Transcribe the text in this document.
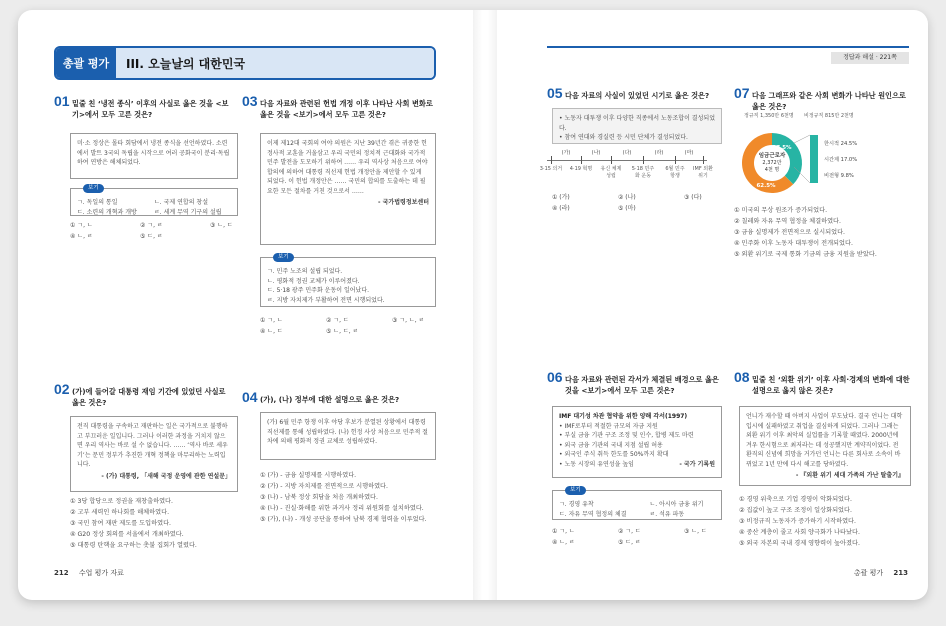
총괄 평가	III. 오늘날의 대한민국
01 밑줄 친 ‘냉전 종식’ 이후의 사실로 옳은 것을 <보기>에서 모두 고른 것은?
미·소 정상은 몰타 회담에서 냉전 종식을 선언하였다. 소련에서 발트 3국의 독립을 시작으로 여러 공화국이 분리·독립하여 연방은 해체되었다.
보기
ㄱ. 독일의 통일	ㄴ. 국제 연합의 창설
ㄷ. 소련의 개혁과 개방	ㄹ. 세계 무역 기구의 설립
① ㄱ, ㄴ	② ㄱ, ㄹ	③ ㄴ, ㄷ
④ ㄴ, ㄹ	⑤ ㄷ, ㄹ
03 다음 자료와 관련된 헌법 개정 이후 나타난 사회 변화로 옳은 것을 <보기>에서 모두 고른 것은?
이제 제12대 국회의 여야 의원은 지난 39년간 겪은 귀중한 헌정사적 교훈을 거울삼고 우리 국민의 정치적 근대화와 국가적 민주 발전을 도모하기 위하여 …… 우리 역사상 처음으로 여야 합의에 의하여 대통령 직선제 헌법 개정안을 제안할 수 있게 되었다. 이 헌법 개정안은 …… 국민의 합의를 도출하는 데 필요한 모든 절차를 거친 것으로서 ……
- 국가법령정보센터
보기
ㄱ. 민주 노조의 설립 되었다.
ㄴ. 평화적 정권 교체가 이루어졌다.
ㄷ. 5·18 광주 민주화 운동이 일어났다.
ㄹ. 지방 자치제가 부활하여 전면 시행되었다.
① ㄱ, ㄴ	② ㄱ, ㄷ	③ ㄱ, ㄴ, ㄹ
④ ㄴ, ㄷ	⑤ ㄴ, ㄷ, ㄹ
02 (가)에 들어갈 대통령 재임 기간에 있었던 사실로 옳은 것은?
전직 대통령을 구속하고 재판하는 일은 국가적으로 불행하고 부끄러운 일입니다. 그러나 이러한 과정을 거치지 않으면 우리 역사는 바로 설 수 없습니다. …… ‘역사 바로 세우기’는 문민 정부가 추진한 개혁 정책을 마무리하는 노력입니다.
- (가) 대통령, 「새해 국정 운영에 관한 연설문」
① 3당 합당으로 정권을 재창출하였다.
② 고부 세력인 하나회를 해체하였다.
③ 국민 참여 재판 제도를 도입하였다.
④ G20 정상 회의를 서울에서 개최하였다.
⑤ 대통령 탄핵을 요구하는 촛불 집회가 열렸다.
04 (가), (나) 정부에 대한 설명으로 옳은 것은?
(가) 6월 민주 항쟁 이후 야당 후보가 분열된 상황에서 대통령 직선제를 통해 성립하였다. (나) 헌정 사상 처음으로 민주적 절차에 의해 평화적 정권 교체로 성립하였다.
① (가) - 금융 실명제를 시행하였다.
② (가) - 지방 자치제를 전면적으로 시행하였다.
③ (나) - 남북 정상 회담을 처음 개최하였다.
④ (나) - 진실·화해를 위한 과거사 정리 위원회를 설치하였다.
⑤ (가), (나) - 개성 공단을 통하여 남북 경제 협력을 이루었다.
212 수업 평가 자료
정답과 해설 · 221쪽
05 다음 자료의 사실이 있었던 시기로 옳은 것은?
• 노동자 대투쟁 이후 다양한 직종에서 노동조합이 결성되었다.
• 참여 연대와 경실련 등 시민 단체가 결성되었다.
3·15 의거 4·19 혁명	유신 체제 성립
5·18 민주화 운동
6월 민주 항쟁
IMF 외환위기
(가)	(나)	(다)	(라)	(마)
① (가)	② (나)	③ (다)
④ (라)	⑤ (마)
07 다음 그래프와 같은 사회 변화가 나타난 원인으로 옳은 것은?
임금근로자
2,372만
4천 명
37.5%
62.5%
정규직 1,350만 6천명 비정규직 815만 2천명
한시적 24.5%
시간제 17.0%
비전형 9.8%
① 미국의 무상 원조가 증가되었다.
② 칠레와 자유 무역 협정을 체결하였다.
③ 금융 실명제가 전면적으로 실시되었다.
④ 민주화 이후 노동자 대투쟁이 전개되었다.
⑤ 외환 위기로 국제 통화 기금의 금융 지원을 받았다.
06 다음 자료와 관련된 각서가 체결된 배경으로 옳은 것을 <보기>에서 모두 고른 것은?
IMF 대기성 차관 협약을 위한 양해 각서(1997)
• IMF로부터 적절한 규모의 자금 지원
• 부실 금융 기관 구조 조정 및 인수, 합병 제도 마련
• 외국 금융 기관의 국내 지점 설립 허용
• 외국인 주식 취득 한도를 50%까지 확대
• 노동 시장의 유연성을 높임	- 국가 기록원
보기
ㄱ. 경영 유착	ㄴ. 아시아 금융 위기
ㄷ. 자유 무역 협정의 체결	ㄹ. 석유 파동
① ㄱ, ㄴ	② ㄱ, ㄷ	③ ㄴ, ㄷ
④ ㄴ, ㄹ	⑤ ㄷ, ㄹ
08 밑줄 친 ‘외환 위기’ 이후 사회·경제의 변화에 대한 설명으로 옳지 않은 것은?
언니가 재수할 때 아버지 사업이 부도났다. 결국 언니는 대학 입시에 실패하였고 취업을 결심하게 되었다. 그러나 그래는 외환 위기 이후 최악의 실업률을 기록할 때였다. 2000년에 겨우 한시험으로 최저라는 데 성공했지만 계약직이었다. 전환직의 신념에 희망을 거가던 언니는 다른 회사로 소속이 바뀌었고 1년 만에 다시 해고를 당하였다.
- 『외환 위기 세대 가족의 가난 탈출기』
① 경영 위축으로 기업 경영이 악화되었다.
② 집값이 높고 구조 조정이 일상화되었다.
③ 비정규직 노동자가 증가하기 시작하였다.
④ 중산 계층이 줄고 사회 양극화가 나타났다.
⑤ 외국 자본의 국내 경제 영향력이 높아졌다.
총괄 평가 213
